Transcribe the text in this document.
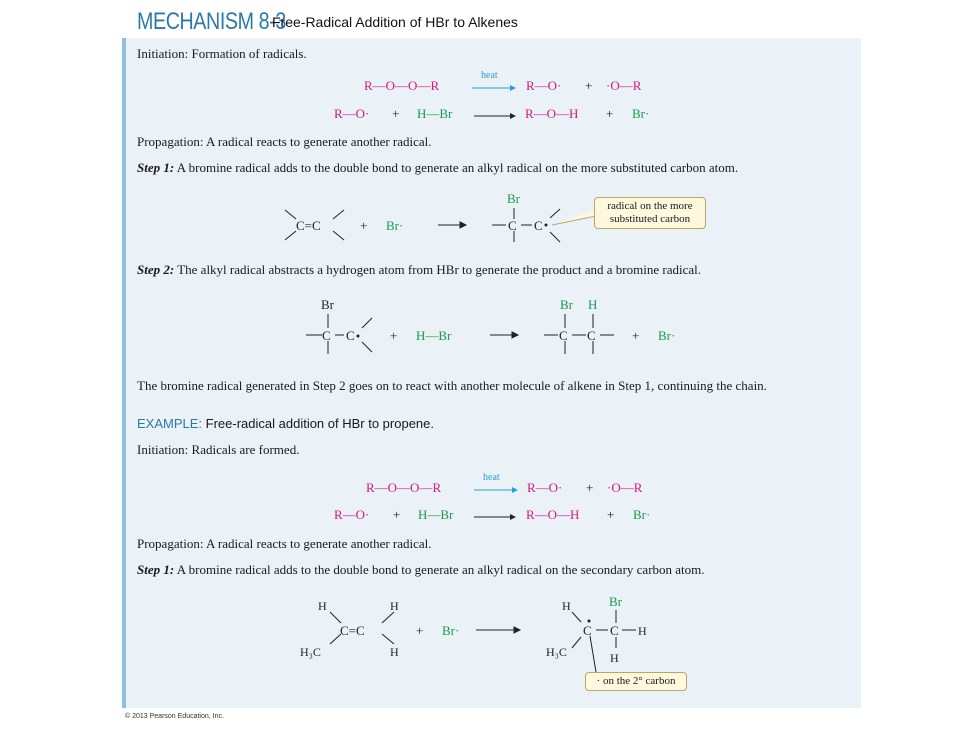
MECHANISM 8-3
Free-Radical Addition of HBr to Alkenes
Initiation: Formation of radicals.
R—O—O—R
heat
R—O· + ·O—R
R—O· + H—Br → R—O—H + Br·
Propagation: A radical reacts to generate another radical.
Step 1: A bromine radical adds to the double bond to generate an alkyl radical on the more substituted carbon atom.
C=C	+ Br·
Br
C C
radical on the more substituted carbon
Step 2: The alkyl radical abstracts a hydrogen atom from HBr to generate the product and a bromine radical.
Br
C C	+ H—Br
Br H
C C	+ Br·
The bromine radical generated in Step 2 goes on to react with another molecule of alkene in Step 1, continuing the chain.
EXAMPLE: Free-radical addition of HBr to propene.
Initiation: Radicals are formed.
R—O—O—R
heat
R—O· + ·O—R
R—O· + H—Br → R—O—H + Br·
Propagation: A radical reacts to generate another radical.
Step 1: A bromine radical adds to the double bond to generate an alkyl radical on the secondary carbon atom.
H	H
C=C
H₃C	H
+ Br·
H	Br
C C H
H₃C	H
· on the 2° carbon
© 2013 Pearson Education, Inc.
